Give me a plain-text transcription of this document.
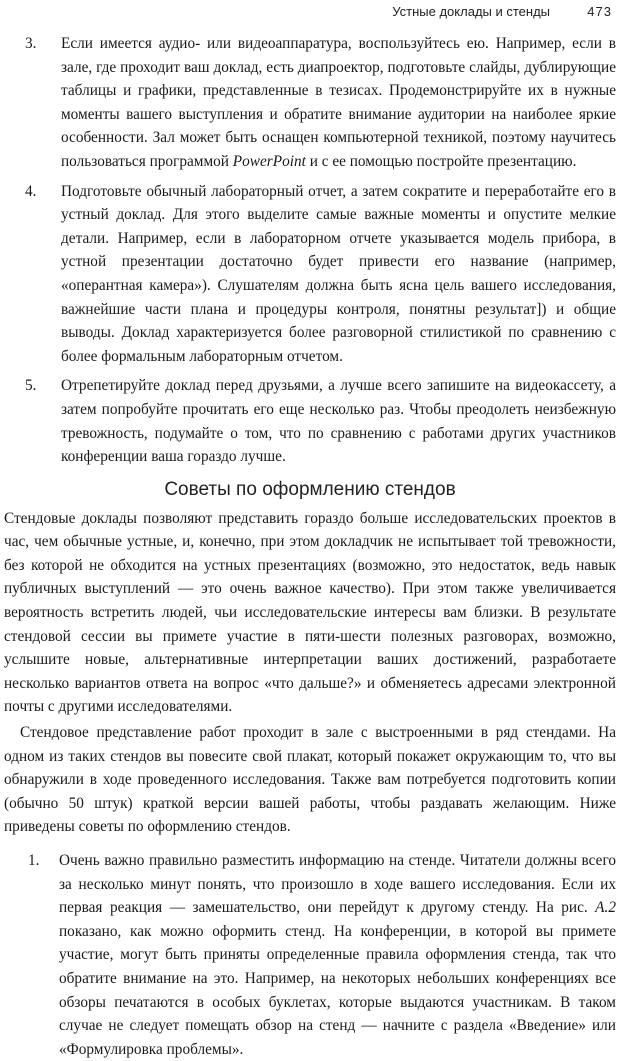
Устные доклады и стенды	473

3. Если имеется аудио- или видеоаппаратура, воспользуйтесь ею. Например, если в зале, где проходит ваш доклад, есть диапроектор, подготовьте слайды, дублирующие таблицы и графики, представленные в тезисах. Продемонстрируйте их в нужные моменты вашего выступления и обратите внимание аудитории на наиболее яркие особенности. Зал может быть оснащен компьютерной техникой, поэтому научитесь пользоваться программой PowerPoint и с ее помощью постройте презентацию.

4. Подготовьте обычный лабораторный отчет, а затем сократите и переработайте его в устный доклад. Для этого выделите самые важные моменты и опустите мелкие детали. Например, если в лабораторном отчете указывается модель прибора, в устной презентации достаточно будет привести его название (например, «оперантная камера»). Слушателям должна быть ясна цель вашего исследования, важнейшие части плана и процедуры контроля, понятны результат]) и общие выводы. Доклад характеризуется более разговорной стилистикой по сравнению с более формальным лабораторным отчетом.

5. Отрепетируйте доклад перед друзьями, а лучше всего запишите на видеокассету, а затем попробуйте прочитать его еще несколько раз. Чтобы преодолеть неизбежную тревожность, подумайте о том, что по сравнению с работами других участников конференции ваша гораздо лучше.

Советы по оформлению стендов

Стендовые доклады позволяют представить гораздо больше исследовательских проектов в час, чем обычные устные, и, конечно, при этом докладчик не испытывает той тревожности, без которой не обходится на устных презентациях (возможно, это недостаток, ведь навык публичных выступлений — это очень важное качество). При этом также увеличивается вероятность встретить людей, чьи исследовательские интересы вам близки. В результате стендовой сессии вы примете участие в пяти-шести полезных разговорах, возможно, услышите новые, альтернативные интерпретации ваших достижений, разработаете несколько вариантов ответа на вопрос «что дальше?» и обменяетесь адресами электронной почты с другими исследователями.

Стендовое представление работ проходит в зале с выстроенными в ряд стендами. На одном из таких стендов вы повесите свой плакат, который покажет окружающим то, что вы обнаружили в ходе проведенного исследования. Также вам потребуется подготовить копии (обычно 50 штук) краткой версии вашей работы, чтобы раздавать желающим. Ниже приведены советы по оформлению стендов.

1. Очень важно правильно разместить информацию на стенде. Читатели должны всего за несколько минут понять, что произошло в ходе вашего исследования. Если их первая реакция — замешательство, они перейдут к другому стенду. На рис. А.2 показано, как можно оформить стенд. На конференции, в которой вы примете участие, могут быть приняты определенные правила оформления стенда, так что обратите внимание на это. Например, на некоторых небольших конференциях все обзоры печатаются в особых буклетах, которые выдаются участникам. В таком случае не следует помещать обзор на стенд — начните с раздела «Введение» или «Формулировка проблемы».
